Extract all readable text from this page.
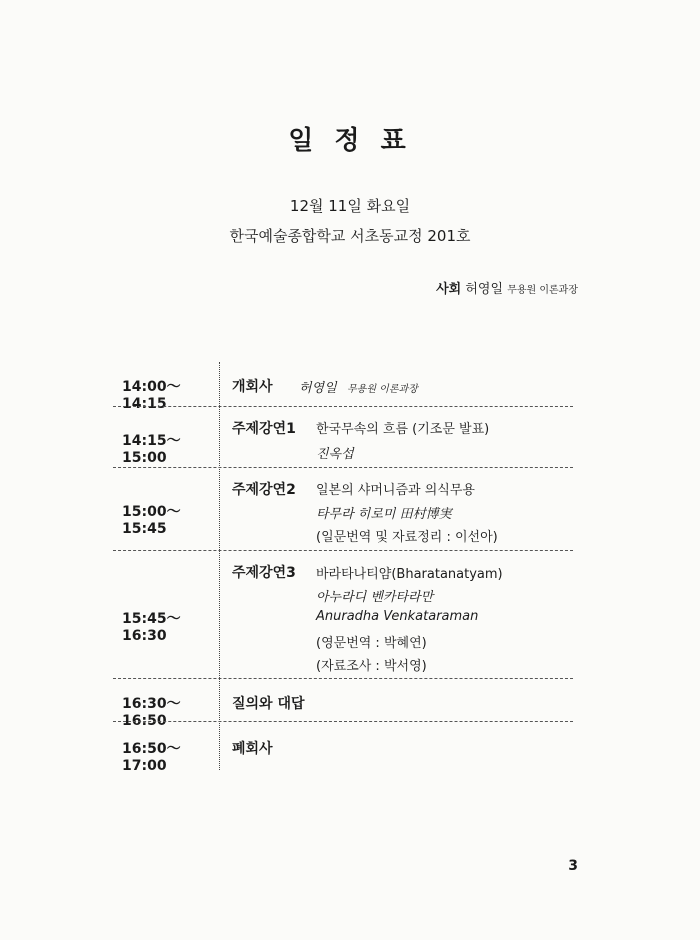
일 정 표
12월 11일 화요일
한국예술종합학교 서초동교정 201호
사회 허영일 무용원 이론과장
14:00～14:15
개회사 허영일 무용원 이론과장
14:15～15:00
주제강연1 한국무속의 흐름 (기조문 발표)
진옥섭
15:00～15:45
주제강연2 일본의 샤머니즘과 의식무용
타무라 히로미 田村博実
(일문번역 및 자료정리 : 이선아)
15:45～16:30
주제강연3 바라타나티얌(Bharatanatyam)
아누라디 벤카타라만
Anuradha Venkataraman
(영문번역 : 박혜연)
(자료조사 : 박서영)
16:30～16:50
질의와 대답
16:50～17:00
폐회사
3
